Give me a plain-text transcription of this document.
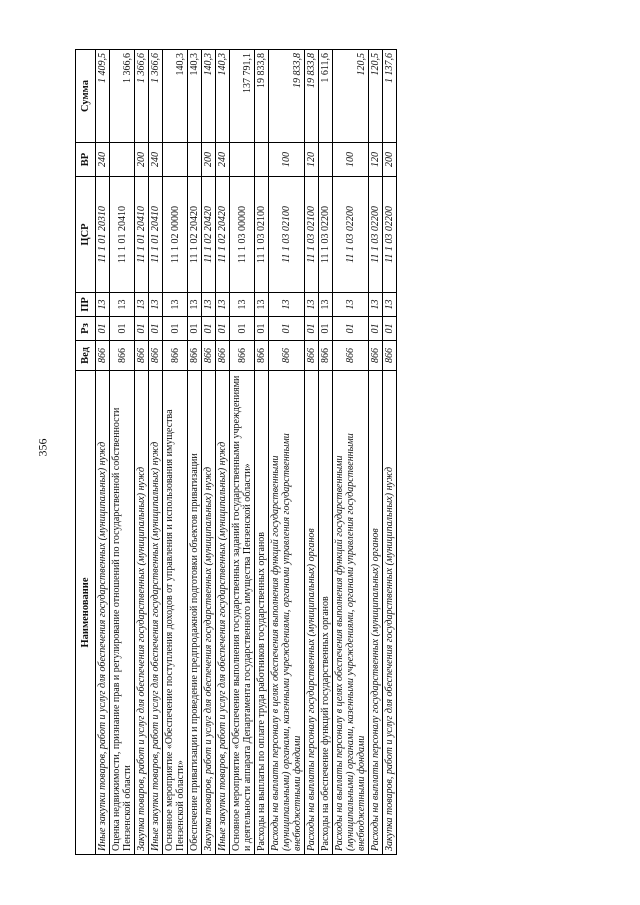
356
Наименование	Вед	Рз	ПР	ЦСР	ВР	Сумма
Иные закупки товаров, работ и услуг для обеспечения государственных (муниципальных) нужд	866	01	13	11 1 01 20310	240	1 409,5
Оценка недвижимости, признание прав и регулирование отношений по государственной собственности Пензенской области	866	01	13	11 1 01 20410		1 366,6
Закупка товаров, работ и услуг для обеспечения государственных (муниципальных) нужд	866	01	13	11 1 01 20410	200	1 366,6
Иные закупки товаров, работ и услуг для обеспечения государственных (муниципальных) нужд	866	01	13	11 1 01 20410	240	1 366,6
Основное мероприятие «Обеспечение поступления доходов от управления и использования имущества Пензенской области»	866	01	13	11 1 02 00000		140,3
Обеспечение приватизации и проведение предпродажной подготовки объектов приватизации	866	01	13	11 1 02 20420		140,3
Закупка товаров, работ и услуг для обеспечения государственных (муниципальных) нужд	866	01	13	11 1 02 20420	200	140,3
Иные закупки товаров, работ и услуг для обеспечения государственных (муниципальных) нужд	866	01	13	11 1 02 20420	240	140,3
Основное мероприятие «Обеспечение выполнения государственных заданий государственными учреждениями и деятельности аппарата Департамента государственного имущества Пензенской области»	866	01	13	11 1 03 00000		137 791,1
Расходы на выплаты по оплате труда работников государственных органов	866	01	13	11 1 03 02100		19 833,8
Расходы на выплаты персоналу в целях обеспечения выполнения функций государственными (муниципальными) органами, казенными учреждениями, органами управления государственными внебюджетными фондами	866	01	13	11 1 03 02100	100	19 833,8
Расходы на выплаты персоналу государственных (муниципальных) органов	866	01	13	11 1 03 02100	120	19 833,8
Расходы на обеспечение функций государственных органов	866	01	13	11 1 03 02200		1 611,6
Расходы на выплаты персоналу в целях обеспечения выполнения функций государственными (муниципальными) органами, казенными учреждениями, органами управления государственными внебюджетными фондами	866	01	13	11 1 03 02200	100	120,5
Расходы на выплаты персоналу государственных (муниципальных) органов	866	01	13	11 1 03 02200	120	120,5
Закупка товаров, работ и услуг для обеспечения государственных (муниципальных) нужд	866	01	13	11 1 03 02200	200	1 137,6
